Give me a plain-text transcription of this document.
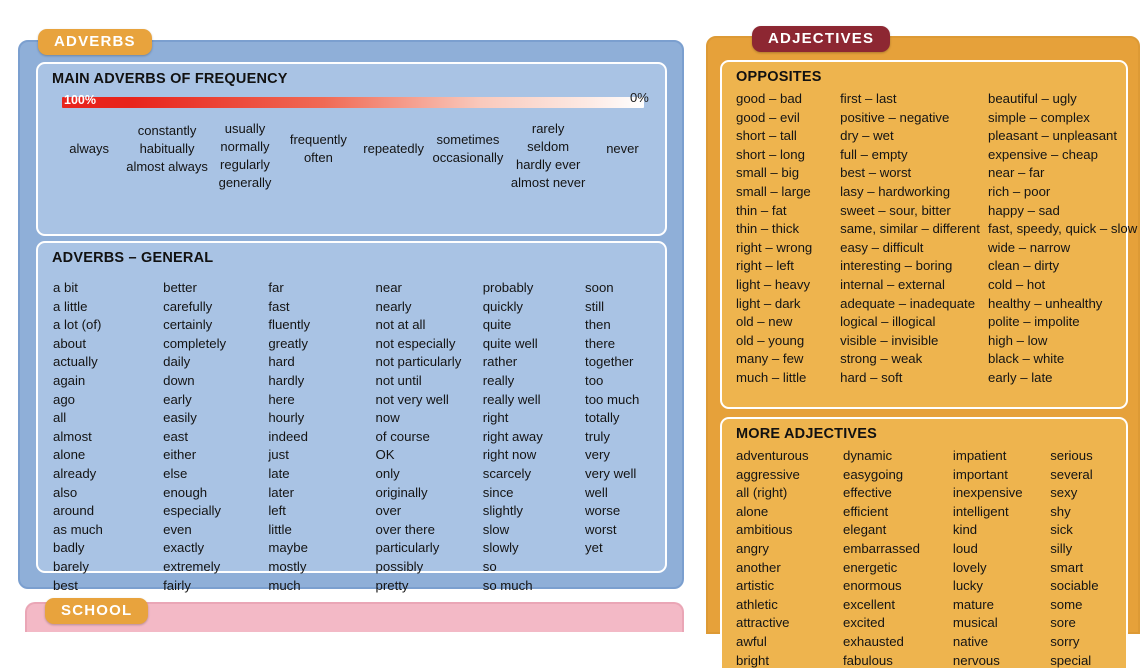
MAIN ADVERBS OF FREQUENCY
100%	0%
always
constantly
habitually
almost always
usually
normally
regularly
generally
frequently
often
repeatedly
sometimes
occasionally
rarely
seldom
hardly ever
almost never
never
ADVERBS – GENERAL
a bit
a little
a lot (of)
about
actually
again
ago
all
almost
alone
already
also
around
as much
badly
barely
best
better
carefully
certainly
completely
daily
down
early
easily
east
either
else
enough
especially
even
exactly
extremely
fairly
far
fast
fluently
greatly
hard
hardly
here
hourly
indeed
just
late
later
left
little
maybe
mostly
much
near
nearly
not at all
not especially
not particularly
not until
not very well
now
of course
OK
only
originally
over
over there
particularly
possibly
pretty
probably
quickly
quite
quite well
rather
really
really well
right
right away
right now
scarcely
since
slightly
slow
slowly
so
so much
soon
still
then
there
together
too
too much
totally
truly
very
very well
well
worse
worst
yet
OPPOSITES
good – bad
good – evil
short – tall
short – long
small – big
small – large
thin – fat
thin – thick
right – wrong
right – left
light – heavy
light – dark
old – new
old – young
many – few
much – little
first – last
positive – negative
dry – wet
full – empty
best – worst
lasy – hardworking
sweet – sour, bitter
same, similar – different
easy – difficult
interesting – boring
internal – external
adequate – inadequate
logical – illogical
visible – invisible
strong – weak
hard – soft
beautiful – ugly
simple – complex
pleasant – unpleasant
expensive – cheap
near – far
rich – poor
happy – sad
fast, speedy, quick – slow
wide – narrow
clean – dirty
cold – hot
healthy – unhealthy
polite – impolite
high – low
black – white
early – late
MORE ADJECTIVES
adventurous
aggressive
all (right)
alone
ambitious
angry
another
artistic
athletic
attractive
awful
bright
dynamic
easygoing
effective
efficient
elegant
embarrassed
energetic
enormous
excellent
excited
exhausted
fabulous
impatient
important
inexpensive
intelligent
kind
loud
lovely
lucky
mature
musical
native
nervous
serious
several
sexy
shy
sick
silly
smart
sociable
some
sore
sorry
special
ADVERBS	ADJECTIVES
SCHOOL
